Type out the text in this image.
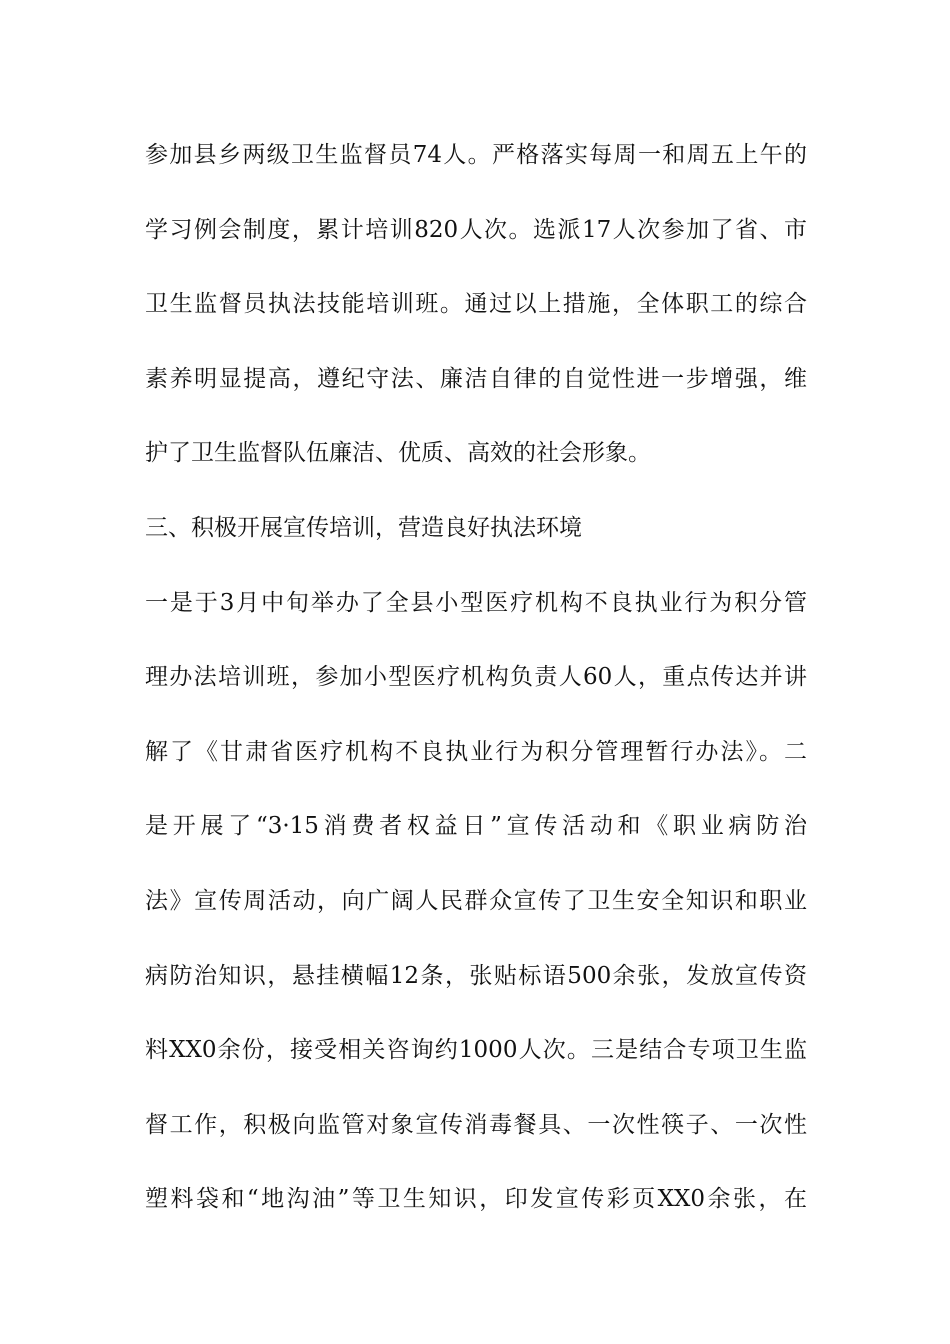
参加县乡两级卫生监督员74人。严格落实每周一和周五上午的
学习例会制度，累计培训820人次。选派17人次参加了省、市
卫生监督员执法技能培训班。通过以上措施，全体职工的综合
素养明显提高，遵纪守法、廉洁自律的自觉性进一步增强，维
护了卫生监督队伍廉洁、优质、高效的社会形象。
三、积极开展宣传培训，营造良好执法环境
一是于3月中旬举办了全县小型医疗机构不良执业行为积分管
理办法培训班，参加小型医疗机构负责人60人，重点传达并讲
解了《甘肃省医疗机构不良执业行为积分管理暂行办法》。二
是开展了“3·15消费者权益日”宣传活动和《职业病防治
法》宣传周活动，向广阔人民群众宣传了卫生安全知识和职业
病防治知识，悬挂横幅12条，张贴标语500余张，发放宣传资
料XX0余份，接受相关咨询约1000人次。三是结合专项卫生监
督工作，积极向监管对象宣传消毒餐具、一次性筷子、一次性
塑料袋和“地沟油”等卫生知识，印发宣传彩页XX0余张，在
